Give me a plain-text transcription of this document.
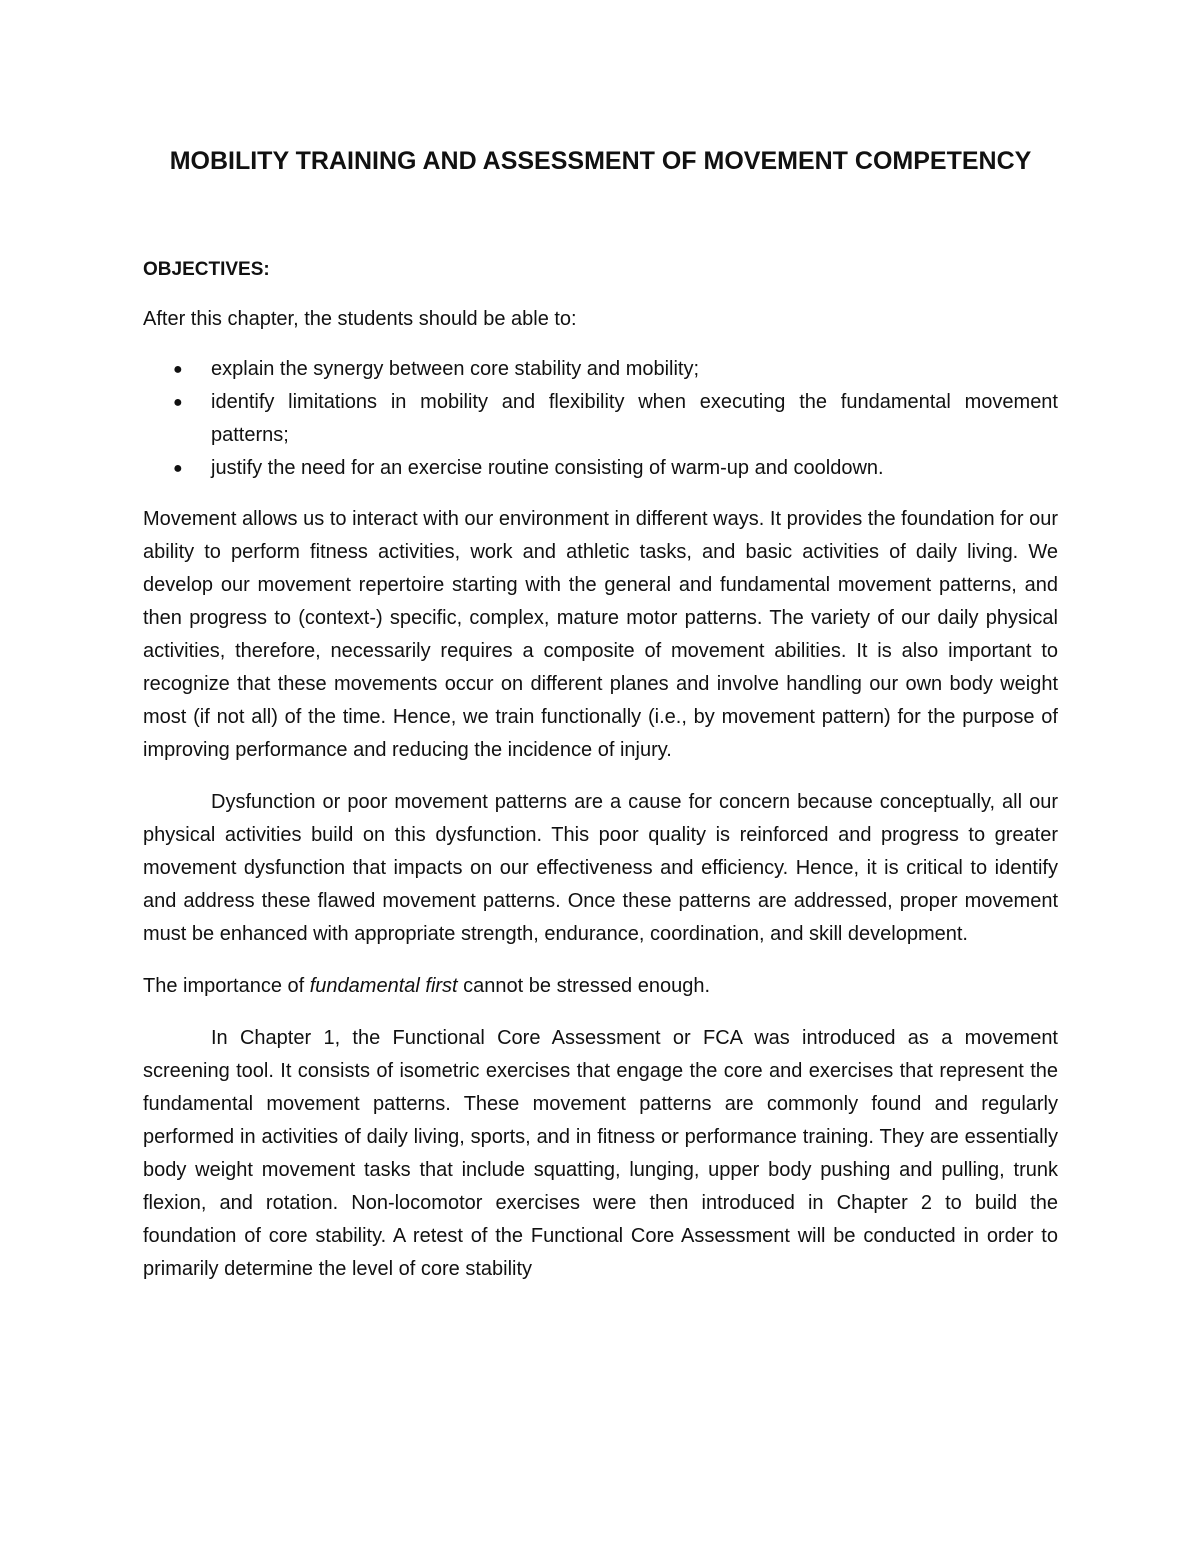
MOBILITY TRAINING AND ASSESSMENT OF MOVEMENT COMPETENCY
OBJECTIVES:

After this chapter, the students should be able to:

● explain the synergy between core stability and mobility;
● identify limitations in mobility and flexibility when executing the fundamental movement patterns;
● justify the need for an exercise routine consisting of warm-up and cooldown.

Movement allows us to interact with our environment in different ways. It provides the foundation for our ability to perform fitness activities, work and athletic tasks, and basic activities of daily living. We develop our movement repertoire starting with the general and fundamental movement patterns, and then progress to (context-) specific, complex, mature motor patterns. The variety of our daily physical activities, therefore, necessarily requires a composite of movement abilities. It is also important to recognize that these movements occur on different planes and involve handling our own body weight most (if not all) of the time. Hence, we train functionally (i.e., by movement pattern) for the purpose of improving performance and reducing the incidence of injury.

Dysfunction or poor movement patterns are a cause for concern because conceptually, all our physical activities build on this dysfunction. This poor quality is reinforced and progress to greater movement dysfunction that impacts on our effectiveness and efficiency. Hence, it is critical to identify and address these flawed movement patterns. Once these patterns are addressed, proper movement must be enhanced with appropriate strength, endurance, coordination, and skill development.

The importance of fundamental first cannot be stressed enough.

In Chapter 1, the Functional Core Assessment or FCA was introduced as a movement screening tool. It consists of isometric exercises that engage the core and exercises that represent the fundamental movement patterns. These movement patterns are commonly found and regularly performed in activities of daily living, sports, and in fitness or performance training. They are essentially body weight movement tasks that include squatting, lunging, upper body pushing and pulling, trunk flexion, and rotation. Non-locomotor exercises were then introduced in Chapter 2 to build the foundation of core stability. A retest of the Functional Core Assessment will be conducted in order to primarily determine the level of core stability
